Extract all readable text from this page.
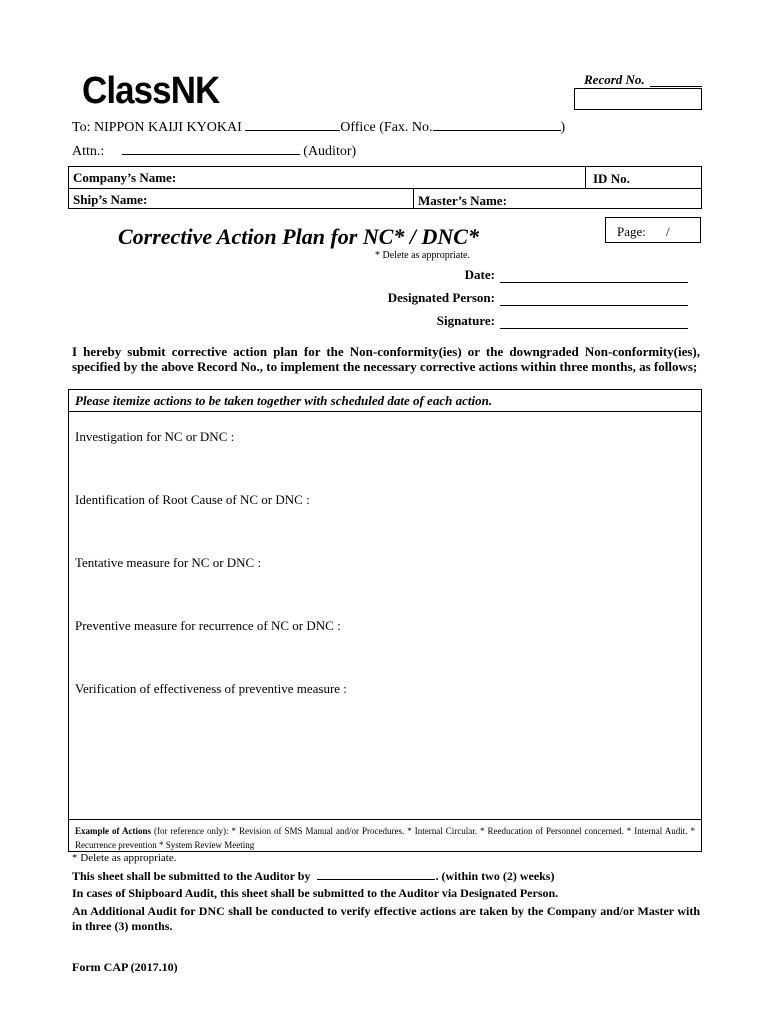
ClassNK	Record No.
To: NIPPON KAIJI KYOKAI	Office (Fax. No.	)
Attn.:	(Auditor)
Company’s Name:	ID No.
Ship’s Name:	Master’s Name:
Corrective Action Plan for NC* / DNC*	Page: /
* Delete as appropriate.
Date:
Designated Person:
Signature:
I hereby submit corrective action plan for the Non-conformity(ies) or the downgraded Non-conformity(ies), specified by the above Record No., to implement the necessary corrective actions within three months, as follows;
Please itemize actions to be taken together with scheduled date of each action.
Investigation for NC or DNC :
Identification of Root Cause of NC or DNC :
Tentative measure for NC or DNC :
Preventive measure for recurrence of NC or DNC :
Verification of effectiveness of preventive measure :
Example of Actions (for reference only): * Revision of SMS Manual and/or Procedures. * Internal Circular. * Reeducation of Personnel concerned. * Internal Audit. * Recurrence prevention * System Review Meeting
* Delete as appropriate.
This sheet shall be submitted to the Auditor by	. (within two (2) weeks)
In cases of Shipboard Audit, this sheet shall be submitted to the Auditor via Designated Person.
An Additional Audit for DNC shall be conducted to verify effective actions are taken by the Company and/or Master with in three (3) months.
Form CAP (2017.10)
